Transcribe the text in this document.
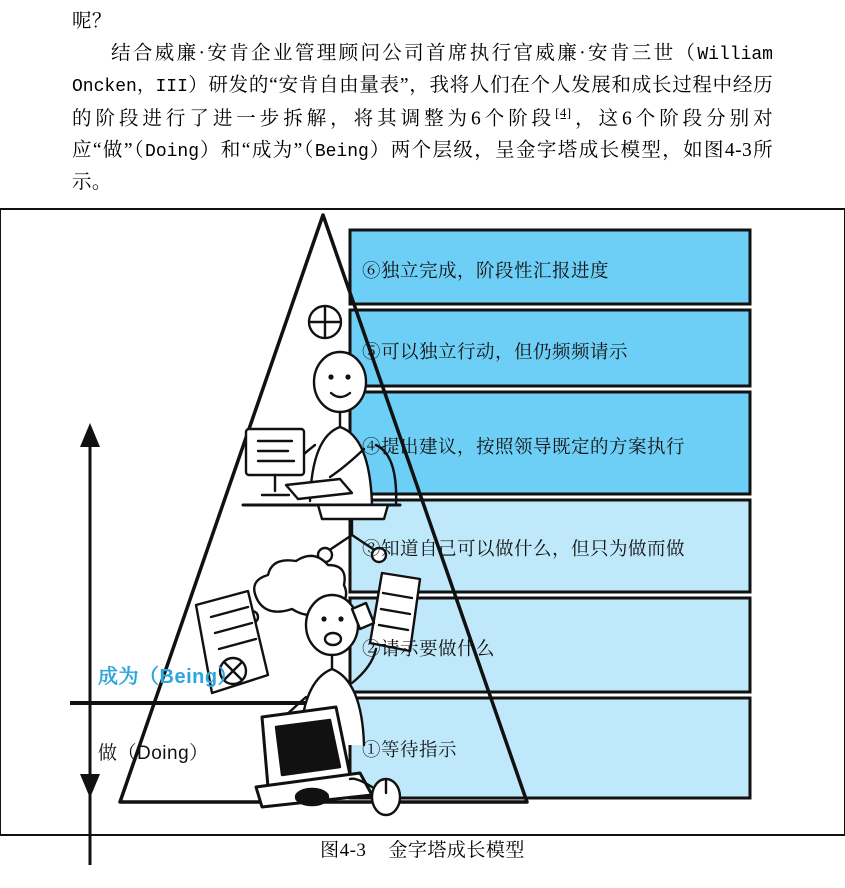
呢？

结合威廉·安肯企业管理顾问公司首席执行官威廉·安肯三世（William Oncken，III）研发的“安肯自由量表”，我将人们在个人发展和成长过程中经历的阶段进行了进一步拆解，将其调整为6个阶段[4]，这6个阶段分别对应“做”（Doing）和“成为”（Being）两个层级，呈金字塔成长模型，如图4-3所示。

⑥独立完成，阶段性汇报进度
⑤可以独立行动，但仍频频请示
④提出建议，按照领导既定的方案执行
③知道自己可以做什么，但只为做而做
②请示要做什么
①等待指示
成为（Being）
做（Doing）
图4-3 金字塔成长模型
